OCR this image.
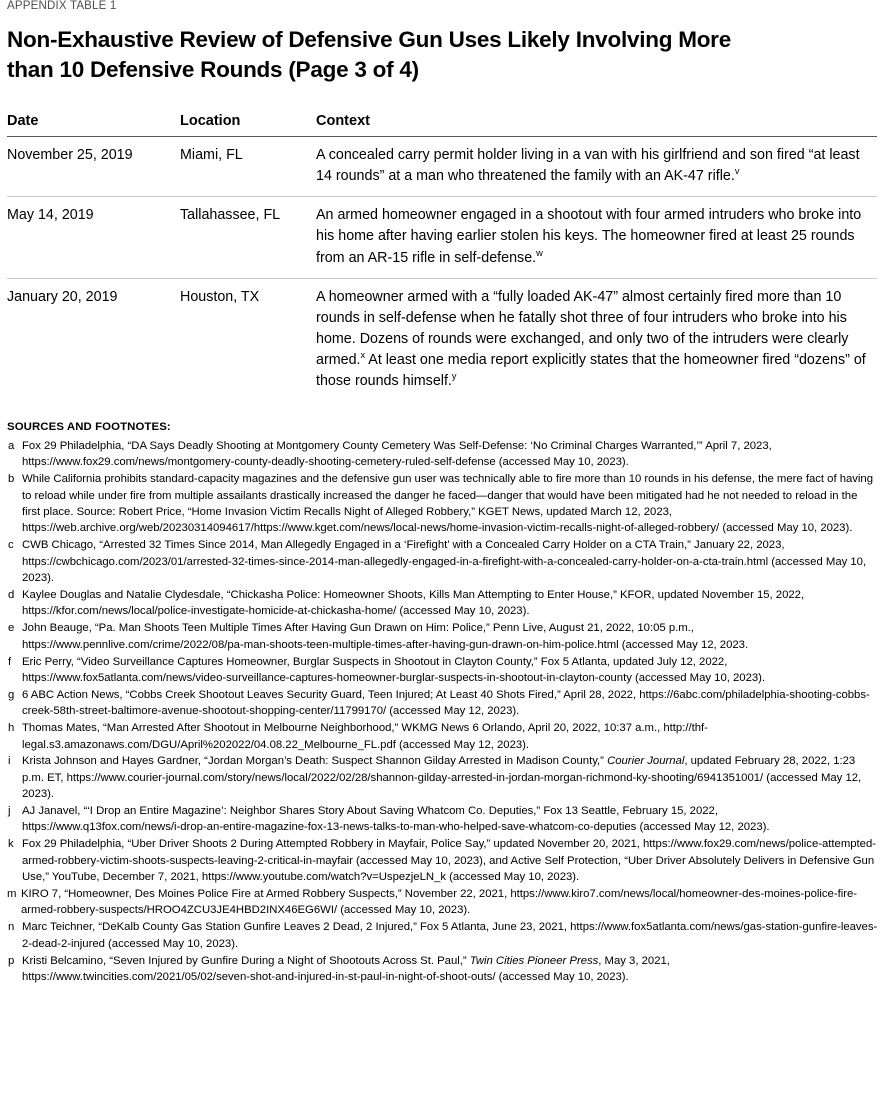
APPENDIX TABLE 1
Non-Exhaustive Review of Defensive Gun Uses Likely Involving More than 10 Defensive Rounds (Page 3 of 4)
Date	Location	Context
November 25, 2019	Miami, FL	A concealed carry permit holder living in a van with his girlfriend and son fired “at least 14 rounds” at a man who threatened the family with an AK-47 rifle.$^v$
May 14, 2019	Tallahassee, FL	An armed homeowner engaged in a shootout with four armed intruders who broke into his home after having earlier stolen his keys. The homeowner fired at least 25 rounds from an AR-15 rifle in self-defense.$^w$
January 20, 2019	Houston, TX	A homeowner armed with a “fully loaded AK-47” almost certainly fired more than 10 rounds in self-defense when he fatally shot three of four intruders who broke into his home. Dozens of rounds were exchanged, and only two of the intruders were clearly armed.$^x$ At least one media report explicitly states that the homeowner fired “dozens” of those rounds himself.$^y$
SOURCES AND FOOTNOTES:
a Fox 29 Philadelphia, “DA Says Deadly Shooting at Montgomery County Cemetery Was Self-Defense: ‘No Criminal Charges Warranted,’” April 7, 2023, https://www.fox29.com/news/montgomery-county-deadly-shooting-cemetery-ruled-self-defense (accessed May 10, 2023).
b While California prohibits standard-capacity magazines and the defensive gun user was technically able to fire more than 10 rounds in his defense, the mere fact of having to reload while under fire from multiple assailants drastically increased the danger he faced—danger that would have been mitigated had he not needed to reload in the first place. Source: Robert Price, “Home Invasion Victim Recalls Night of Alleged Robbery,” KGET News, updated March 12, 2023, https://web.archive.org/web/20230314094617/https://www.kget.com/news/local-news/home-invasion-victim-recalls-night-of-alleged-robbery/ (accessed May 10, 2023).
c CWB Chicago, “Arrested 32 Times Since 2014, Man Allegedly Engaged in a ‘Firefight’ with a Concealed Carry Holder on a CTA Train,” January 22, 2023, https://cwbchicago.com/2023/01/arrested-32-times-since-2014-man-allegedly-engaged-in-a-firefight-with-a-concealed-carry-holder-on-a-cta-train.html (accessed May 10, 2023).
d Kaylee Douglas and Natalie Clydesdale, “Chickasha Police: Homeowner Shoots, Kills Man Attempting to Enter House,” KFOR, updated November 15, 2022, https://kfor.com/news/local/police-investigate-homicide-at-chickasha-home/ (accessed May 10, 2023).
e John Beauge, “Pa. Man Shoots Teen Multiple Times After Having Gun Drawn on Him: Police,” Penn Live, August 21, 2022, 10:05 p.m., https://www.pennlive.com/crime/2022/08/pa-man-shoots-teen-multiple-times-after-having-gun-drawn-on-him-police.html (accessed May 12, 2023.
f Eric Perry, “Video Surveillance Captures Homeowner, Burglar Suspects in Shootout in Clayton County,” Fox 5 Atlanta, updated July 12, 2022, https://www.fox5atlanta.com/news/video-surveillance-captures-homeowner-burglar-suspects-in-shootout-in-clayton-county (accessed May 10, 2023).
g 6 ABC Action News, “Cobbs Creek Shootout Leaves Security Guard, Teen Injured; At Least 40 Shots Fired,” April 28, 2022, https://6abc.com/philadelphia-shooting-cobbs-creek-58th-street-baltimore-avenue-shootout-shopping-center/11799170/ (accessed May 12, 2023).
h Thomas Mates, “Man Arrested After Shootout in Melbourne Neighborhood,” WKMG News 6 Orlando, April 20, 2022, 10:37 a.m., http://thf-legal.s3.amazonaws.com/DGU/April%202022/04.08.22_Melbourne_FL.pdf (accessed May 12, 2023).
i	Krista Johnson and Hayes Gardner, “Jordan Morgan’s Death: Suspect Shannon Gilday Arrested in Madison County,” Courier Journal, updated February 28, 2022, 1:23 p.m. ET, https://www.courier-journal.com/story/news/local/2022/02/28/shannon-gilday-arrested-in-jordan-morgan-richmond-ky-shooting/6941351001/ (accessed May 12, 2023).
j	AJ Janavel, “‘I Drop an Entire Magazine’: Neighbor Shares Story About Saving Whatcom Co. Deputies,” Fox 13 Seattle, February 15, 2022, https://www.q13fox.com/news/i-drop-an-entire-magazine-fox-13-news-talks-to-man-who-helped-save-whatcom-co-deputies (accessed May 12, 2023).
k Fox 29 Philadelphia, “Uber Driver Shoots 2 During Attempted Robbery in Mayfair, Police Say,” updated November 20, 2021, https://www.fox29.com/news/police-attempted-armed-robbery-victim-shoots-suspects-leaving-2-critical-in-mayfair (accessed May 10, 2023), and Active Self Protection, “Uber Driver Absolutely Delivers in Defensive Gun Use,” YouTube, December 7, 2021, https://www.youtube.com/watch?v=UspezjeLN_k (accessed May 10, 2023).
m KIRO 7, “Homeowner, Des Moines Police Fire at Armed Robbery Suspects,” November 22, 2021, https://www.kiro7.com/news/local/homeowner-des-moines-police-fire-armed-robbery-suspects/HROO4ZCU3JE4HBD2INX46EG6WI/ (accessed May 10, 2023).
n Marc Teichner, “DeKalb County Gas Station Gunfire Leaves 2 Dead, 2 Injured,” Fox 5 Atlanta, June 23, 2021, https://www.fox5atlanta.com/news/gas-station-gunfire-leaves-2-dead-2-injured (accessed May 10, 2023).
p Kristi Belcamino, “Seven Injured by Gunfire During a Night of Shootouts Across St. Paul,” Twin Cities Pioneer Press, May 3, 2021, https://www.twincities.com/2021/05/02/seven-shot-and-injured-in-st-paul-in-night-of-shoot-outs/ (accessed May 10, 2023).
